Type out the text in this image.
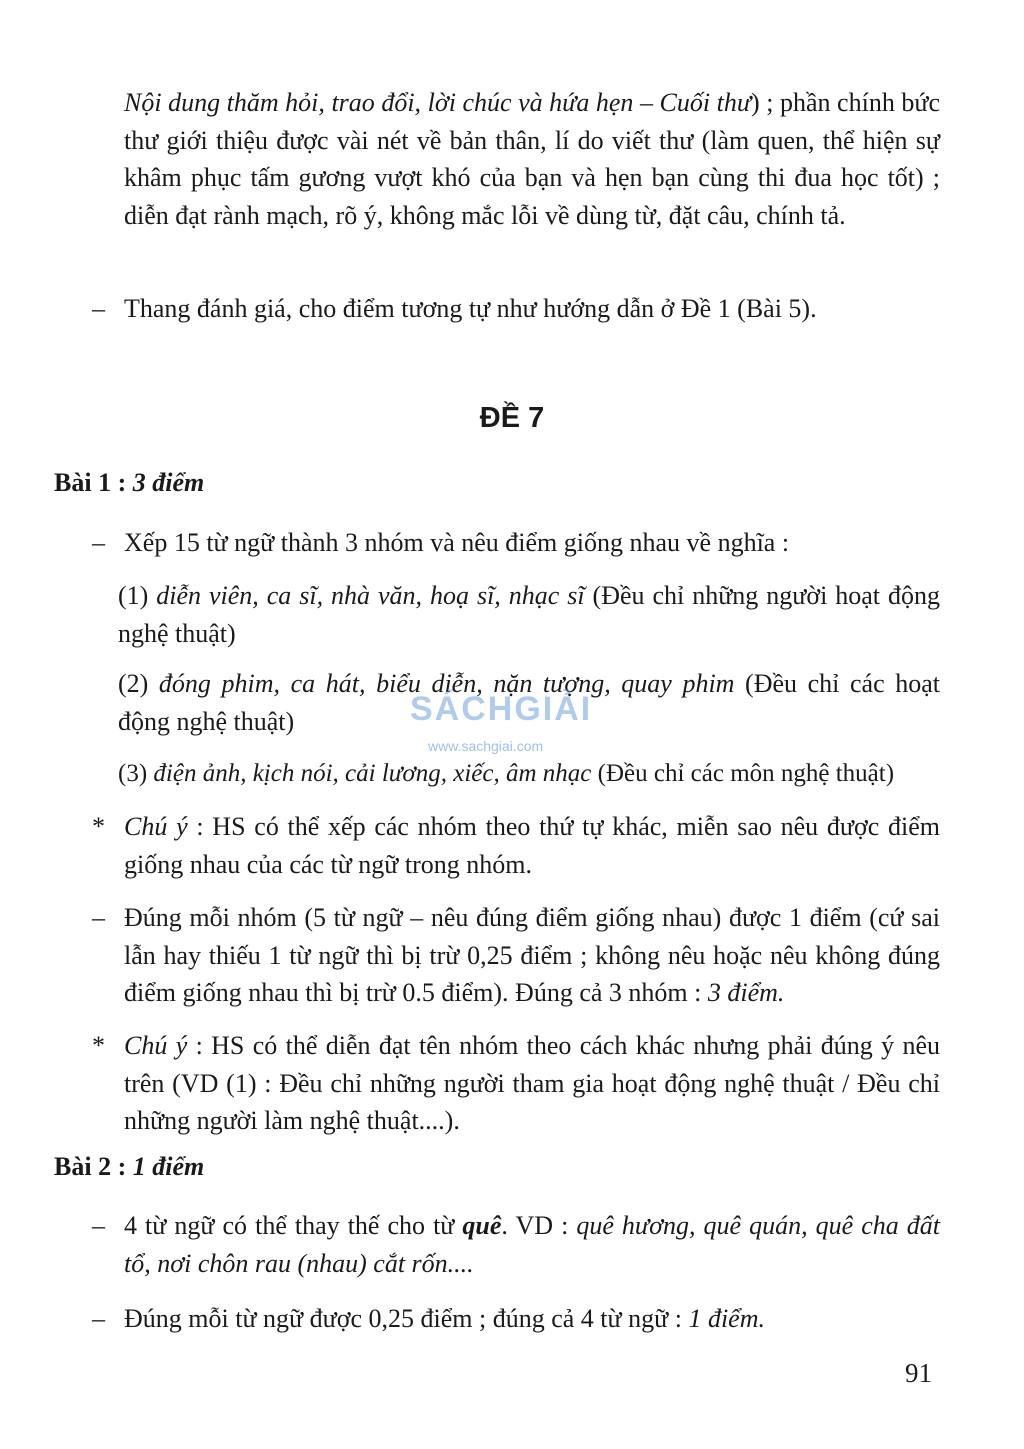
Nội dung thăm hỏi, trao đổi, lời chúc và hứa hẹn – Cuối thư) ; phần chính bức thư giới thiệu được vài nét về bản thân, lí do viết thư (làm quen, thể hiện sự khâm phục tấm gương vượt khó của bạn và hẹn bạn cùng thi đua học tốt) ; diễn đạt rành mạch, rõ ý, không mắc lỗi về dùng từ, đặt câu, chính tả.
– Thang đánh giá, cho điểm tương tự như hướng dẫn ở Đề 1 (Bài 5).
ĐỀ 7
Bài 1 : 3 điểm
– Xếp 15 từ ngữ thành 3 nhóm và nêu điểm giống nhau về nghĩa :
(1) diễn viên, ca sĩ, nhà văn, hoạ sĩ, nhạc sĩ (Đều chỉ những người hoạt động nghệ thuật)
(2) đóng phim, ca hát, biểu diễn, nặn tượng, quay phim (Đều chỉ các hoạt động nghệ thuật)
(3) điện ảnh, kịch nói, cải lương, xiếc, âm nhạc (Đều chỉ các môn nghệ thuật)
* Chú ý : HS có thể xếp các nhóm theo thứ tự khác, miễn sao nêu được điểm giống nhau của các từ ngữ trong nhóm.
– Đúng mỗi nhóm (5 từ ngữ – nêu đúng điểm giống nhau) được 1 điểm (cứ sai lẫn hay thiếu 1 từ ngữ thì bị trừ 0,25 điểm ; không nêu hoặc nêu không đúng điểm giống nhau thì bị trừ 0.5 điểm). Đúng cả 3 nhóm : 3 điểm.
* Chú ý : HS có thể diễn đạt tên nhóm theo cách khác nhưng phải đúng ý nêu trên (VD (1) : Đều chỉ những người tham gia hoạt động nghệ thuật / Đều chỉ những người làm nghệ thuật....).
Bài 2 : 1 điểm
– 4 từ ngữ có thể thay thế cho từ quê. VD : quê hương, quê quán, quê cha đất tổ, nơi chôn rau (nhau) cắt rốn....
– Đúng mỗi từ ngữ được 0,25 điểm ; đúng cả 4 từ ngữ : 1 điểm.
SÁCHGIẢI
www.sachgiai.com
91
